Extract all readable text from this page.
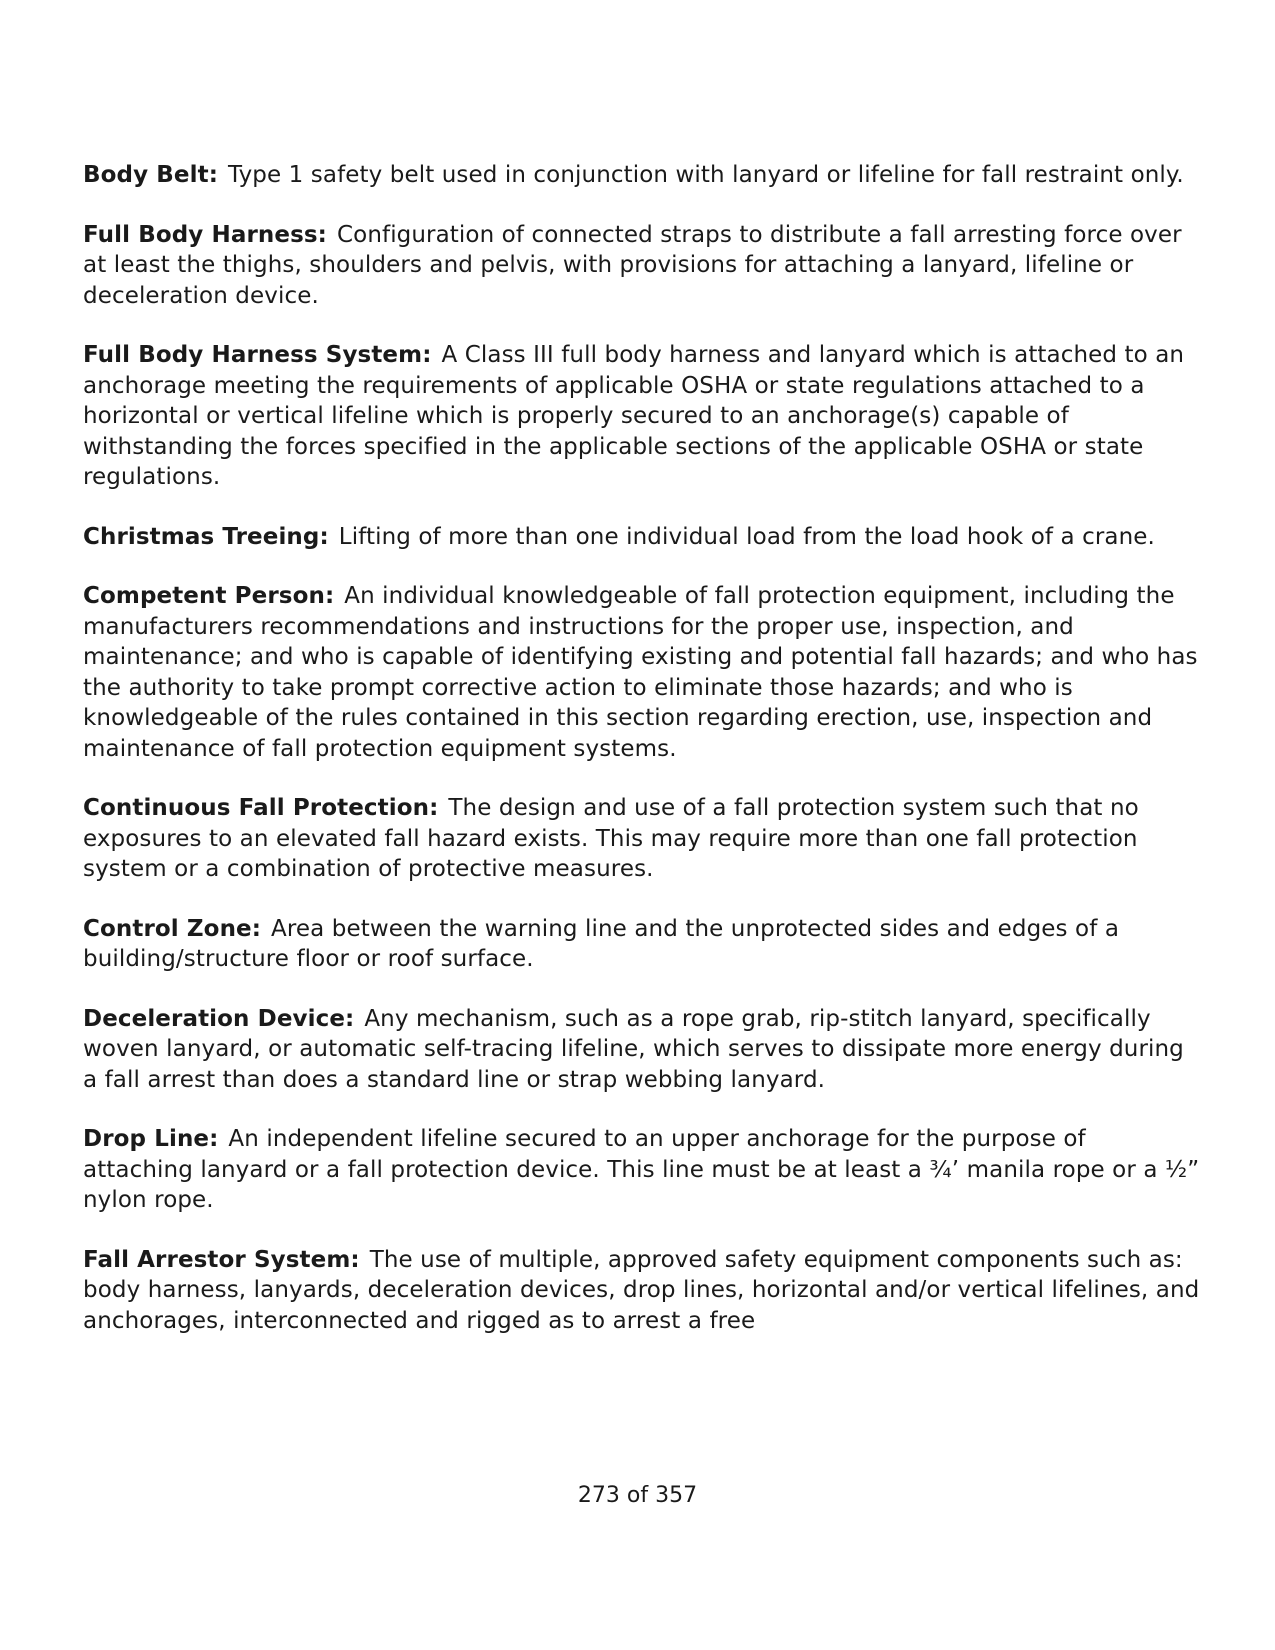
Body Belt: Type 1 safety belt used in conjunction with lanyard or lifeline for fall restraint only.

Full Body Harness: Configuration of connected straps to distribute a fall arresting force over at least the thighs, shoulders and pelvis, with provisions for attaching a lanyard, lifeline or deceleration device.

Full Body Harness System: A Class III full body harness and lanyard which is attached to an anchorage meeting the requirements of applicable OSHA or state regulations attached to a horizontal or vertical lifeline which is properly secured to an anchorage(s) capable of withstanding the forces specified in the applicable sections of the applicable OSHA or state regulations.

Christmas Treeing: Lifting of more than one individual load from the load hook of a crane.

Competent Person: An individual knowledgeable of fall protection equipment, including the manufacturers recommendations and instructions for the proper use, inspection, and maintenance; and who is capable of identifying existing and potential fall hazards; and who has the authority to take prompt corrective action to eliminate those hazards; and who is knowledgeable of the rules contained in this section regarding erection, use, inspection and maintenance of fall protection equipment systems.

Continuous Fall Protection: The design and use of a fall protection system such that no exposures to an elevated fall hazard exists. This may require more than one fall protection system or a combination of protective measures.

Control Zone: Area between the warning line and the unprotected sides and edges of a building/structure floor or roof surface.

Deceleration Device: Any mechanism, such as a rope grab, rip-stitch lanyard, specifically woven lanyard, or automatic self-tracing lifeline, which serves to dissipate more energy during a fall arrest than does a standard line or strap webbing lanyard.

Drop Line: An independent lifeline secured to an upper anchorage for the purpose of attaching lanyard or a fall protection device. This line must be at least a ¾’ manila rope or a ½” nylon rope.

Fall Arrestor System: The use of multiple, approved safety equipment components such as: body harness, lanyards, deceleration devices, drop lines, horizontal and/or vertical lifelines, and anchorages, interconnected and rigged as to arrest a free

273 of 357
